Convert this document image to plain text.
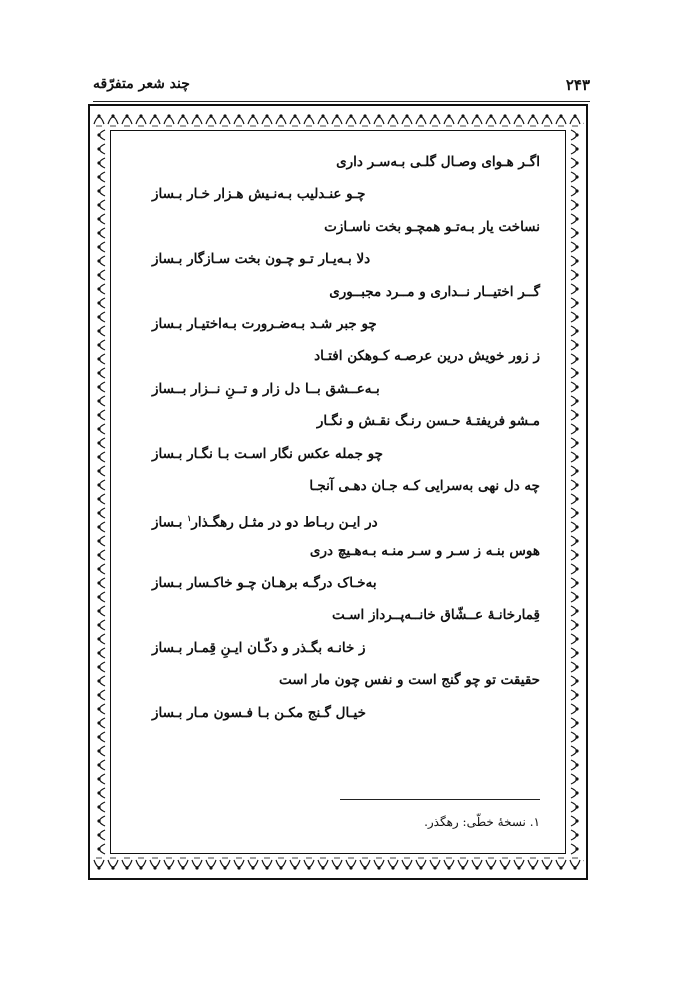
۲۴۳
چند شعر متفرّقه
اگـر هـوای وصـال گلـی بـه‌سـر داری
چـو عنـدلیب بـه‌نـیش هـزار خـار بـساز
نساخت یار بـه‌تـو همچـو بخت ناسـازت
دلا بـه‌یـار تـو چـون بخت سـازگار بـساز
گــر اختیــار نــداری و مــرد مجبــوری
چو جبر شـد بـه‌ضـرورت بـه‌اختیـار بـساز
ز زور خویش درین عرصـه کـوهکن افتـاد
بـه‌عــشق بــا دل زار و تــنِ نــزار بــساز
مـشو فریفتـهٔ حـسن رنـگ نقـش و نگـار
چو جمله عکس نگار اسـت بـا نگـار بـساز
چه دل نهی به‌سرایی کـه جـان دهـی آنجـا
در ایـن ربـاط دو در مثـل رهگـذار$^۱$ بـساز
هوس بنـه ز سـر و سـر منـه بـه‌هـیچ دری
به‌خـاک درگـه برهـان چـو خاکـسار بـساز
قِمارخانـهٔ عــشّاق خانــه‌پــرداز اسـت
ز خانـه بگـذر و دکّـان ایـنِ قِمـار بـساز
حقیقت تو چو گنج است و نفس چون مار است
خیـال گـنج مکـن بـا فـسون مـار بـساز
۱. نسخهٔ خطّی: رهگذر.
